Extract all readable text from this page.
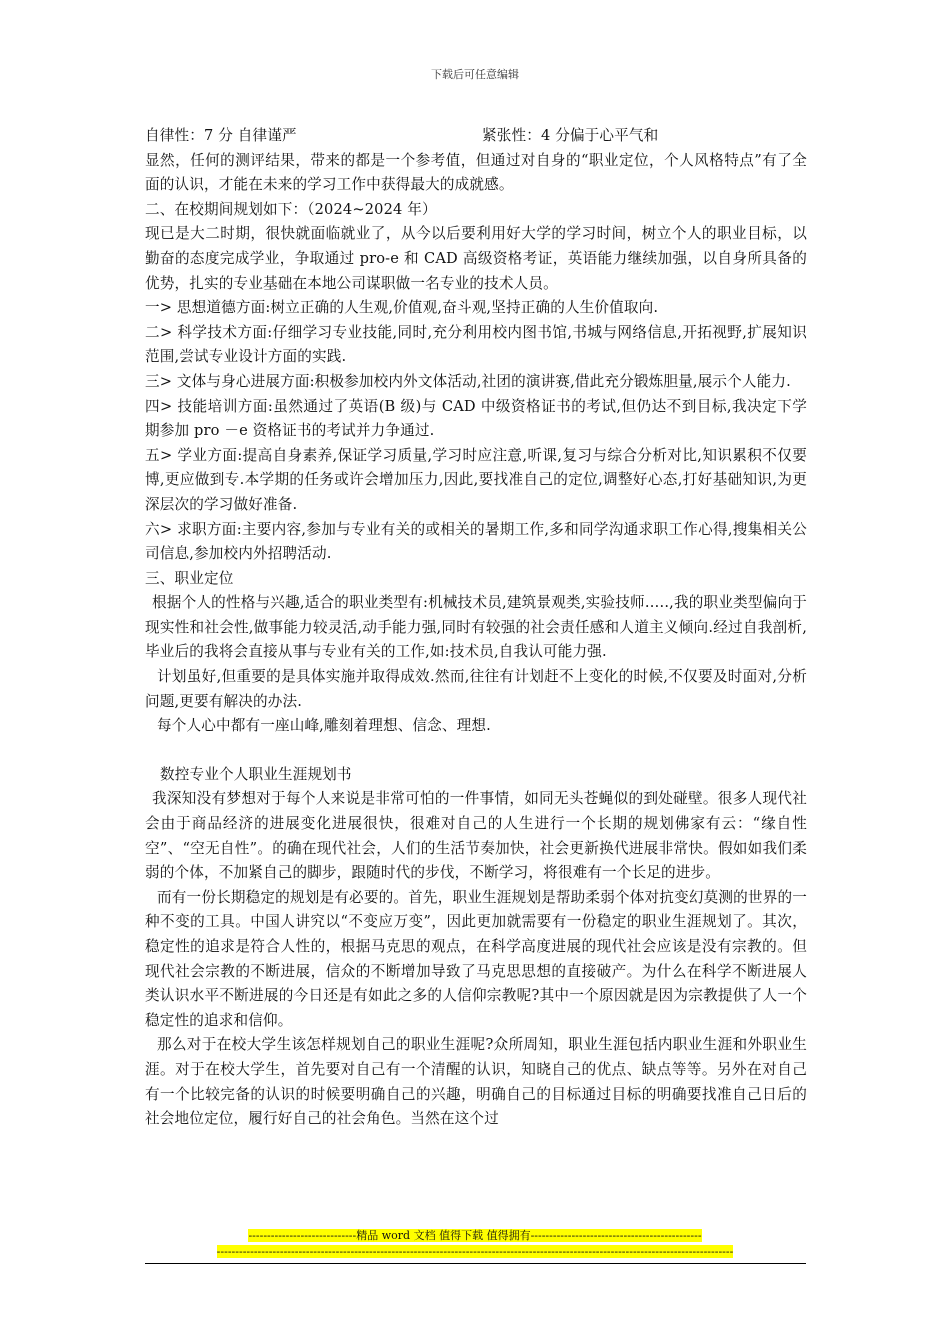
下载后可任意编辑
自律性：7 分 自律谨严	紧张性：4 分偏于心平气和

显然，任何的测评结果，带来的都是一个参考值，但通过对自身的“职业定位，个人风格特点”有了全面的认识，才能在未来的学习工作中获得最大的成就感。

二、在校期间规划如下：（2024~2024 年）

现已是大二时期，很快就面临就业了，从今以后要利用好大学的学习时间，树立个人的职业目标，以勤奋的态度完成学业，争取通过 pro-e 和 CAD 高级资格考证，英语能力继续加强，以自身所具备的优势，扎实的专业基础在本地公司谋职做一名专业的技术人员。

一> 思想道德方面:树立正确的人生观,价值观,奋斗观,坚持正确的人生价值取向.

二> 科学技术方面:仔细学习专业技能,同时,充分利用校内图书馆,书城与网络信息,开拓视野,扩展知识范围,尝试专业设计方面的实践.

三> 文体与身心进展方面:积极参加校内外文体活动,社团的演讲赛,借此充分锻炼胆量,展示个人能力.

四> 技能培训方面:虽然通过了英语(B 级)与 CAD 中级资格证书的考试,但仍达不到目标,我决定下学期参加 pro －e 资格证书的考试并力争通过.

五> 学业方面:提高自身素养,保证学习质量,学习时应注意,听课,复习与综合分析对比,知识累积不仅要博,更应做到专.本学期的任务或许会增加压力,因此,要找准自己的定位,调整好心态,打好基础知识,为更深层次的学习做好准备.

六> 求职方面:主要内容,参加与专业有关的或相关的暑期工作,多和同学沟通求职工作心得,搜集相关公司信息,参加校内外招聘活动.

三、职业定位

根据个人的性格与兴趣,适合的职业类型有:机械技术员,建筑景观类,实验技师…..,我的职业类型偏向于现实性和社会性,做事能力较灵活,动手能力强,同时有较强的社会责任感和人道主义倾向.经过自我剖析,毕业后的我将会直接从事与专业有关的工作,如:技术员,自我认可能力强.

计划虽好,但重要的是具体实施并取得成效.然而,往往有计划赶不上变化的时候,不仅要及时面对,分析问题,更要有解决的办法.

每个人心中都有一座山峰,雕刻着理想、信念、理想.

数控专业个人职业生涯规划书

我深知没有梦想对于每个人来说是非常可怕的一件事情，如同无头苍蝇似的到处碰壁。很多人现代社会由于商品经济的进展变化进展很快，很难对自己的人生进行一个长期的规划佛家有云：“缘自性空”、“空无自性”。的确在现代社会，人们的生活节奏加快，社会更新换代进展非常快。假如如我们柔弱的个体，不加紧自己的脚步，跟随时代的步伐，不断学习，将很难有一个长足的进步。

而有一份长期稳定的规划是有必要的。首先，职业生涯规划是帮助柔弱个体对抗变幻莫测的世界的一种不变的工具。中国人讲究以“不变应万变”，因此更加就需要有一份稳定的职业生涯规划了。其次，稳定性的追求是符合人性的，根据马克思的观点，在科学高度进展的现代社会应该是没有宗教的。但现代社会宗教的不断进展，信众的不断增加导致了马克思思想的直接破产。为什么在科学不断进展人类认识水平不断进展的今日还是有如此之多的人信仰宗教呢?其中一个原因就是因为宗教提供了人一个稳定性的追求和信仰。

那么对于在校大学生该怎样规划自己的职业生涯呢?众所周知，职业生涯包括内职业生涯和外职业生涯。对于在校大学生，首先要对自己有一个清醒的认识，知晓自己的优点、缺点等等。另外在对自己有一个比较完备的认识的时候要明确自己的兴趣，明确自己的目标通过目标的明确要找准自己日后的社会地位定位，履行好自己的社会角色。当然在这个过

-----------------------------精品 word 文档 值得下载 值得拥有----------------------------------------------
-------------------------------------------------------------------------------------------------------------------------------------------
